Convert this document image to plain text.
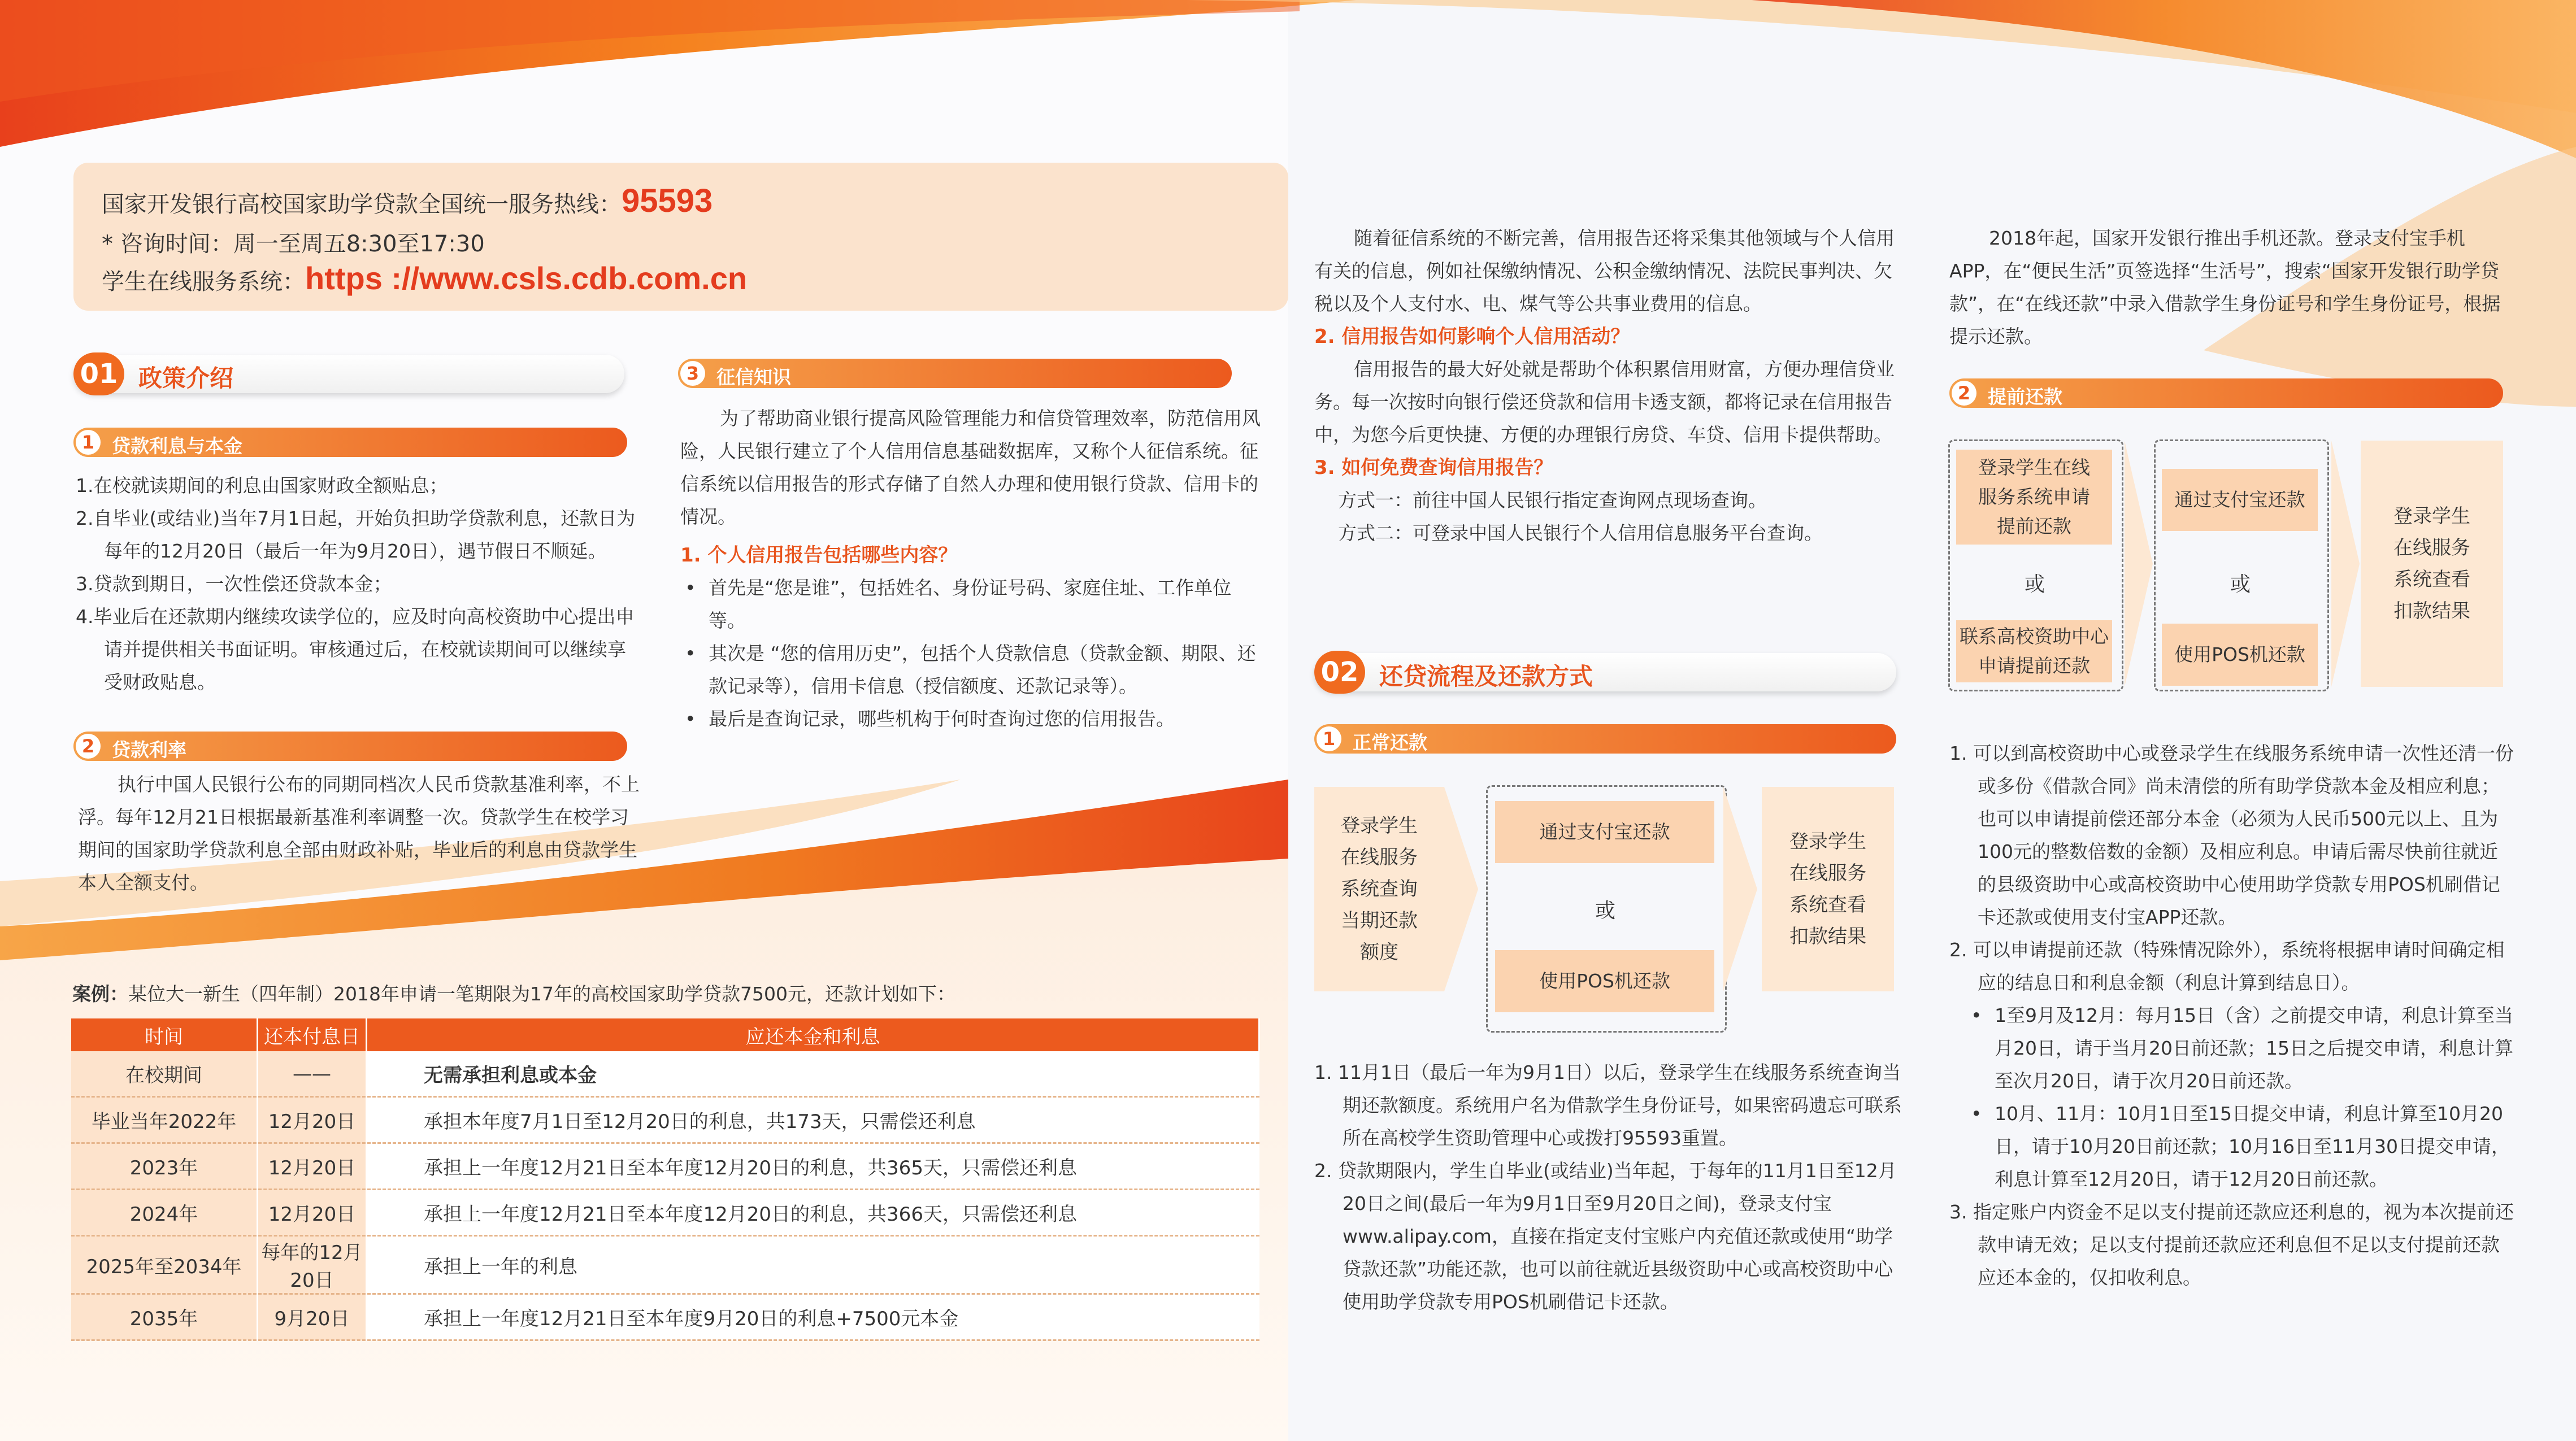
国家开发银行高校国家助学贷款全国统一服务热线：95593
* 咨询时间：周一至周五8:30至17:30
学生在线服务系统：https ://www.csls.cdb.com.cn
01 政策介绍
1 贷款利息与本金

1.在校就读期间的利息由国家财政全额贴息；

2.自毕业(或结业)当年7月1日起，开始负担助学贷款利息，还款日为每年的12月20日（最后一年为9月20日），遇节假日不顺延。

3.贷款到期日，一次性偿还贷款本金；

4.毕业后在还款期内继续攻读学位的，应及时向高校资助中心提出申请并提供相关书面证明。审核通过后，在校就读期间可以继续享受财政贴息。

2 贷款利率
执行中国人民银行公布的同期同档次人民币贷款基准利率，不上浮。每年12月21日根据最新基准利率调整一次。贷款学生在校学习期间的国家助学贷款利息全部由财政补贴，毕业后的利息由贷款学生本人全额支付。
3 征信知识

为了帮助商业银行提高风险管理能力和信贷管理效率，防范信用风险，人民银行建立了个人信用信息基础数据库，又称个人征信系统。征信系统以信用报告的形式存储了自然人办理和使用银行贷款、信用卡的情况。

1. 个人信用报告包括哪些内容？

• 首先是“您是谁”，包括姓名、身份证号码、家庭住址、工作单位等。

• 其次是 “您的信用历史”，包括个人贷款信息（贷款金额、期限、还款记录等），信用卡信息（授信额度、还款记录等）。

• 最后是查询记录，哪些机构于何时查询过您的信用报告。

随着征信系统的不断完善，信用报告还将采集其他领域与个人信用有关的信息，例如社保缴纳情况、公积金缴纳情况、法院民事判决、欠税以及个人支付水、电、煤气等公共事业费用的信息。

2. 信用报告如何影响个人信用活动？

信用报告的最大好处就是帮助个体积累信用财富，方便办理信贷业务。每一次按时向银行偿还贷款和信用卡透支额，都将记录在信用报告中，为您今后更快捷、方便的办理银行房贷、车贷、信用卡提供帮助。

3. 如何免费查询信用报告？

方式一：前往中国人民银行指定查询网点现场查询。

方式二：可登录中国人民银行个人信用信息服务平台查询。

02 还贷流程及还款方式
1 正常还款
登录学生
在线服务
系统查询
当期还款
额度
通过支付宝还款
或
使用POS机还款
登录学生
在线服务
系统查看
扣款结果

1. 11月1日（最后一年为9月1日）以后，登录学生在线服务系统查询当期还款额度。系统用户名为借款学生身份证号，如果密码遗忘可联系所在高校学生资助管理中心或拨打95593重置。

2. 贷款期限内，学生自毕业(或结业)当年起，于每年的11月1日至12月20日之间(最后一年为9月1日至9月20日之间)，登录支付宝www.alipay.com，直接在指定支付宝账户内充值还款或使用“助学贷款还款”功能还款，也可以前往就近县级资助中心或高校资助中心使用助学贷款专用POS机刷借记卡还款。

2018年起，国家开发银行推出手机还款。登录支付宝手机APP，在“便民生活”页签选择“生活号”，搜索“国家开发银行助学贷款”，在“在线还款”中录入借款学生身份证号和学生身份证号，根据提示还款。
2 提前还款
登录学生在线
服务系统申请
提前还款
或
联系高校资助中心
申请提前还款
通过支付宝还款
或
使用POS机还款
登录学生
在线服务
系统查看
扣款结果

1. 可以到高校资助中心或登录学生在线服务系统申请一次性还清一份或多份《借款合同》尚未清偿的所有助学贷款本金及相应利息；也可以申请提前偿还部分本金（必须为人民币500元以上、且为100元的整数倍数的金额）及相应利息。申请后需尽快前往就近的县级资助中心或高校资助中心使用助学贷款专用POS机刷借记卡还款或使用支付宝APP还款。

2. 可以申请提前还款（特殊情况除外），系统将根据申请时间确定相应的结息日和利息金额（利息计算到结息日）。

• 1至9月及12月：每月15日（含）之前提交申请，利息计算至当月20日，请于当月20日前还款；15日之后提交申请，利息计算至次月20日，请于次月20日前还款。

• 10月、11月：10月1日至15日提交申请，利息计算至10月20日，请于10月20日前还款；10月16日至11月30日提交申请，利息计算至12月20日，请于12月20日前还款。

3. 指定账户内资金不足以支付提前还款应还利息的，视为本次提前还款申请无效；足以支付提前还款应还利息但不足以支付提前还款应还本金的，仅扣收利息。

案例：某位大一新生（四年制）2018年申请一笔期限为17年的高校国家助学贷款7500元，还款计划如下：
时间	还本付息日	应还本金和利息
在校期间	——	无需承担利息或本金
毕业当年2022年	12月20日	承担本年度7月1日至12月20日的利息，共173天，只需偿还利息
2023年	12月20日	承担上一年度12月21日至本年度12月20日的利息，共365天，只需偿还利息
2024年	12月20日	承担上一年度12月21日至本年度12月20日的利息，共366天，只需偿还利息
2025年至2034年	每年的12月20日	承担上一年的利息
2035年	9月20日	承担上一年度12月21日至本年度9月20日的利息+7500元本金
